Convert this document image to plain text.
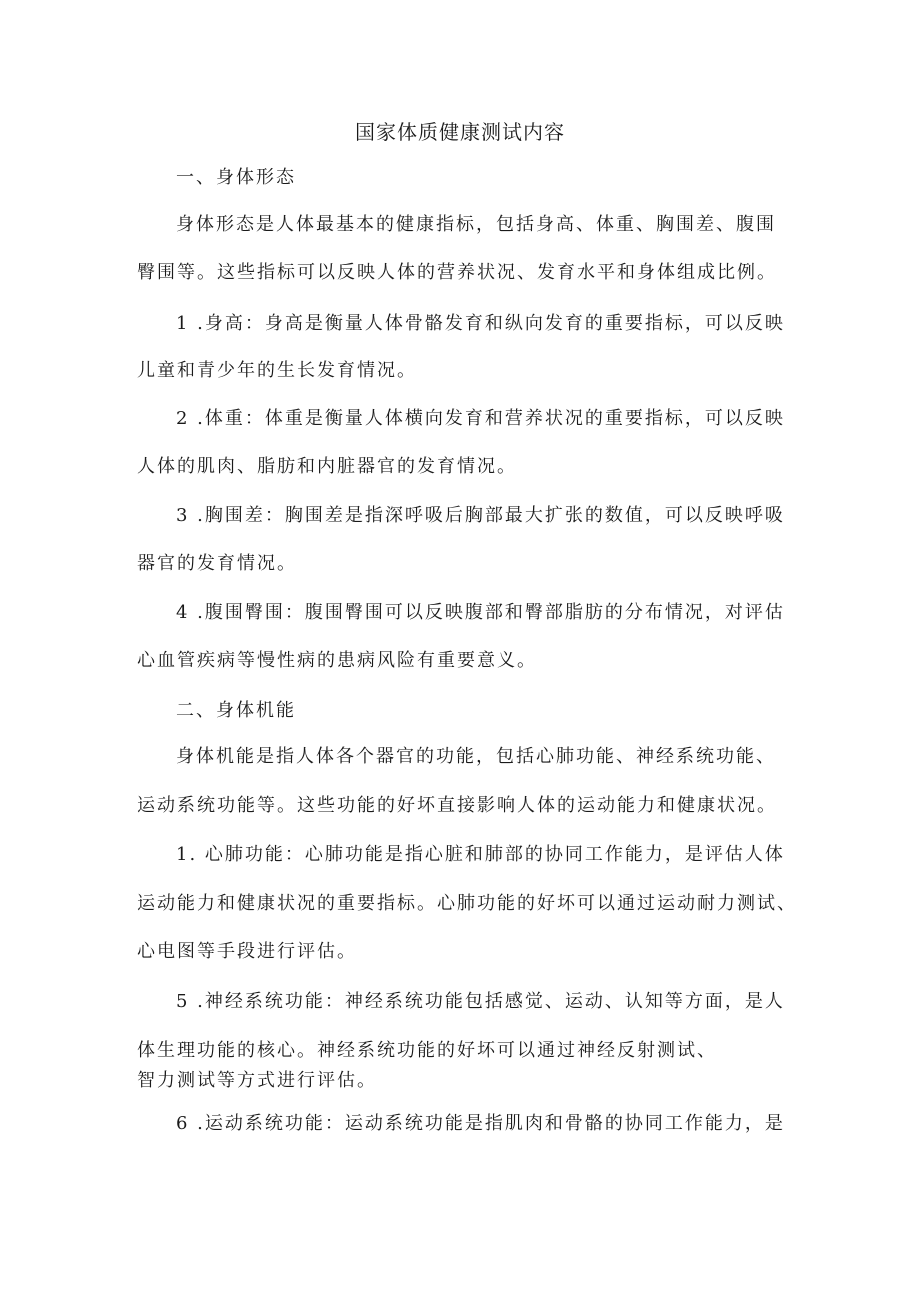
国家体质健康测试内容
一、身体形态
身体形态是人体最基本的健康指标，包括身高、体重、胸围差、腹围
臀围等。这些指标可以反映人体的营养状况、发育水平和身体组成比例。
1 .身高：身高是衡量人体骨骼发育和纵向发育的重要指标，可以反映
儿童和青少年的生长发育情况。
2 .体重：体重是衡量人体横向发育和营养状况的重要指标，可以反映
人体的肌肉、脂肪和内脏器官的发育情况。
3 .胸围差：胸围差是指深呼吸后胸部最大扩张的数值，可以反映呼吸
器官的发育情况。
4 .腹围臀围：腹围臀围可以反映腹部和臀部脂肪的分布情况，对评估
心血管疾病等慢性病的患病风险有重要意义。
二、身体机能
身体机能是指人体各个器官的功能，包括心肺功能、神经系统功能、
运动系统功能等。这些功能的好坏直接影响人体的运动能力和健康状况。
1. 心肺功能：心肺功能是指心脏和肺部的协同工作能力，是评估人体
运动能力和健康状况的重要指标。心肺功能的好坏可以通过运动耐力测试、
心电图等手段进行评估。
5 .神经系统功能：神经系统功能包括感觉、运动、认知等方面，是人
体生理功能的核心。神经系统功能的好坏可以通过神经反射测试、
智力测试等方式进行评估。
6 .运动系统功能：运动系统功能是指肌肉和骨骼的协同工作能力，是
